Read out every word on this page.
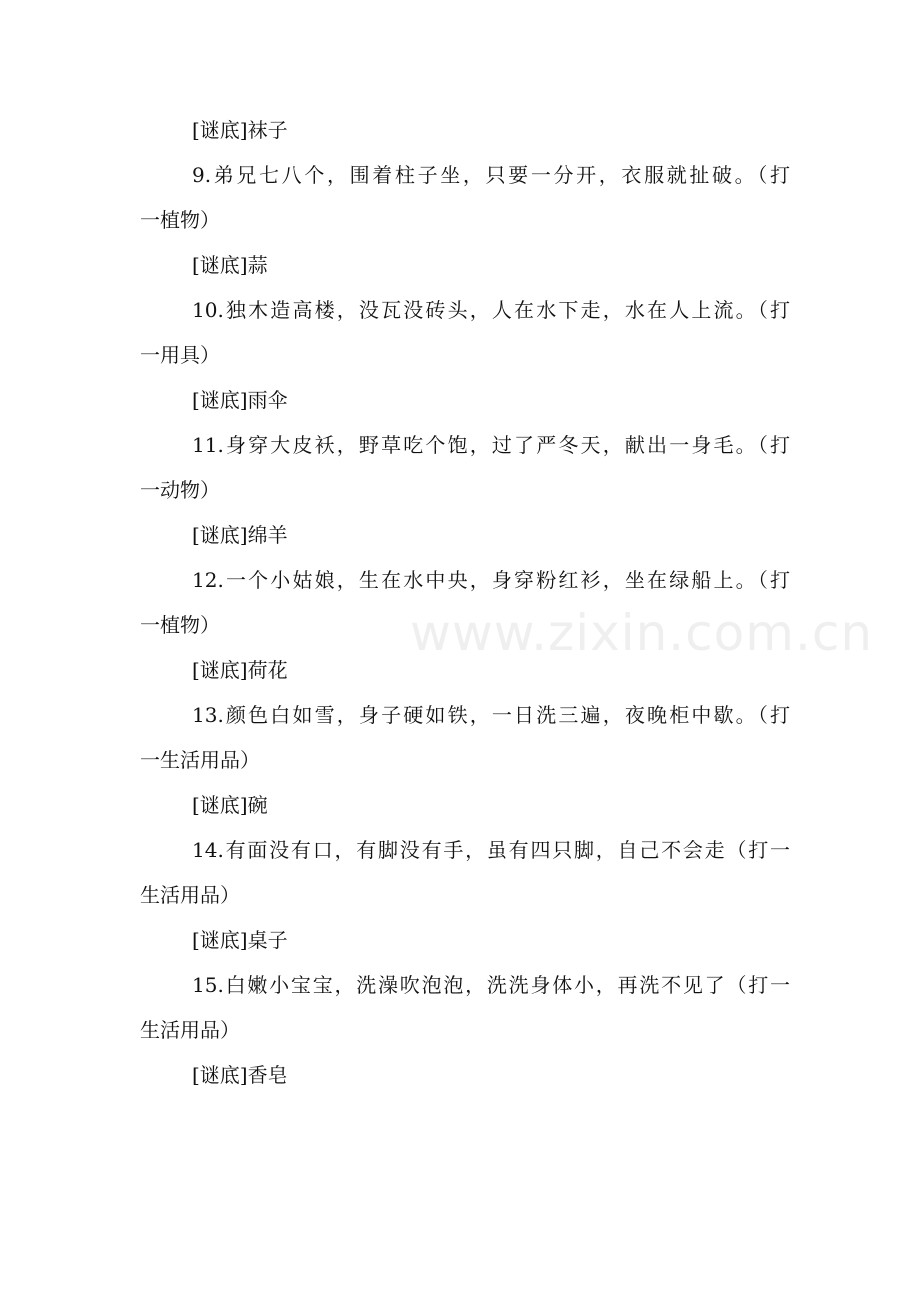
[谜底]袜子
9.弟兄七八个，围着柱子坐，只要一分开，衣服就扯破。（打
一植物）
[谜底]蒜
10.独木造高楼，没瓦没砖头，人在水下走，水在人上流。（打
一用具）
[谜底]雨伞
11.身穿大皮袄，野草吃个饱，过了严冬天，献出一身毛。（打
一动物）
[谜底]绵羊
12.一个小姑娘，生在水中央，身穿粉红衫，坐在绿船上。（打
一植物）
[谜底]荷花
13.颜色白如雪，身子硬如铁，一日洗三遍，夜晚柜中歇。（打
一生活用品）
[谜底]碗
14.有面没有口，有脚没有手，虽有四只脚，自己不会走（打一
生活用品）
[谜底]桌子
15.白嫩小宝宝，洗澡吹泡泡，洗洗身体小，再洗不见了（打一
生活用品）
[谜底]香皂
www.zixin.com.cn
